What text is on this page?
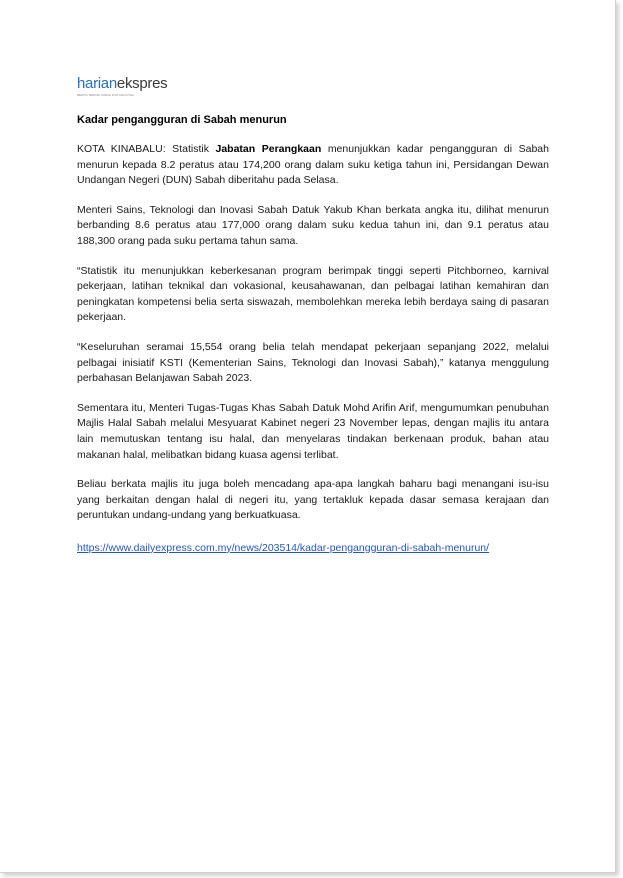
harianekspres
BERITA TERKINI SABAH DAN MALAYSIA
Kadar pengangguran di Sabah menurun

KOTA KINABALU: Statistik Jabatan Perangkaan menunjukkan kadar pengangguran di Sabah menurun kepada 8.2 peratus atau 174,200 orang dalam suku ketiga tahun ini, Persidangan Dewan Undangan Negeri (DUN) Sabah diberitahu pada Selasa.

Menteri Sains, Teknologi dan Inovasi Sabah Datuk Yakub Khan berkata angka itu, dilihat menurun berbanding 8.6 peratus atau 177,000 orang dalam suku kedua tahun ini, dan 9.1 peratus atau 188,300 orang pada suku pertama tahun sama.

“Statistik itu menunjukkan keberkesanan program berimpak tinggi seperti Pitchborneo, karnival pekerjaan, latihan teknikal dan vokasional, keusahawanan, dan pelbagai latihan kemahiran dan peningkatan kompetensi belia serta siswazah, membolehkan mereka lebih berdaya saing di pasaran pekerjaan.

“Keseluruhan seramai 15,554 orang belia telah mendapat pekerjaan sepanjang 2022, melalui pelbagai inisiatif KSTI (Kementerian Sains, Teknologi dan Inovasi Sabah),” katanya menggulung perbahasan Belanjawan Sabah 2023.

Sementara itu, Menteri Tugas-Tugas Khas Sabah Datuk Mohd Arifin Arif, mengumumkan penubuhan Majlis Halal Sabah melalui Mesyuarat Kabinet negeri 23 November lepas, dengan majlis itu antara lain memutuskan tentang isu halal, dan menyelaras tindakan berkenaan produk, bahan atau makanan halal, melibatkan bidang kuasa agensi terlibat.

Beliau berkata majlis itu juga boleh mencadang apa-apa langkah baharu bagi menangani isu-isu yang berkaitan dengan halal di negeri itu, yang tertakluk kepada dasar semasa kerajaan dan peruntukan undang-undang yang berkuatkuasa.

https://www.dailyexpress.com.my/news/203514/kadar-pengangguran-di-sabah-menurun/
